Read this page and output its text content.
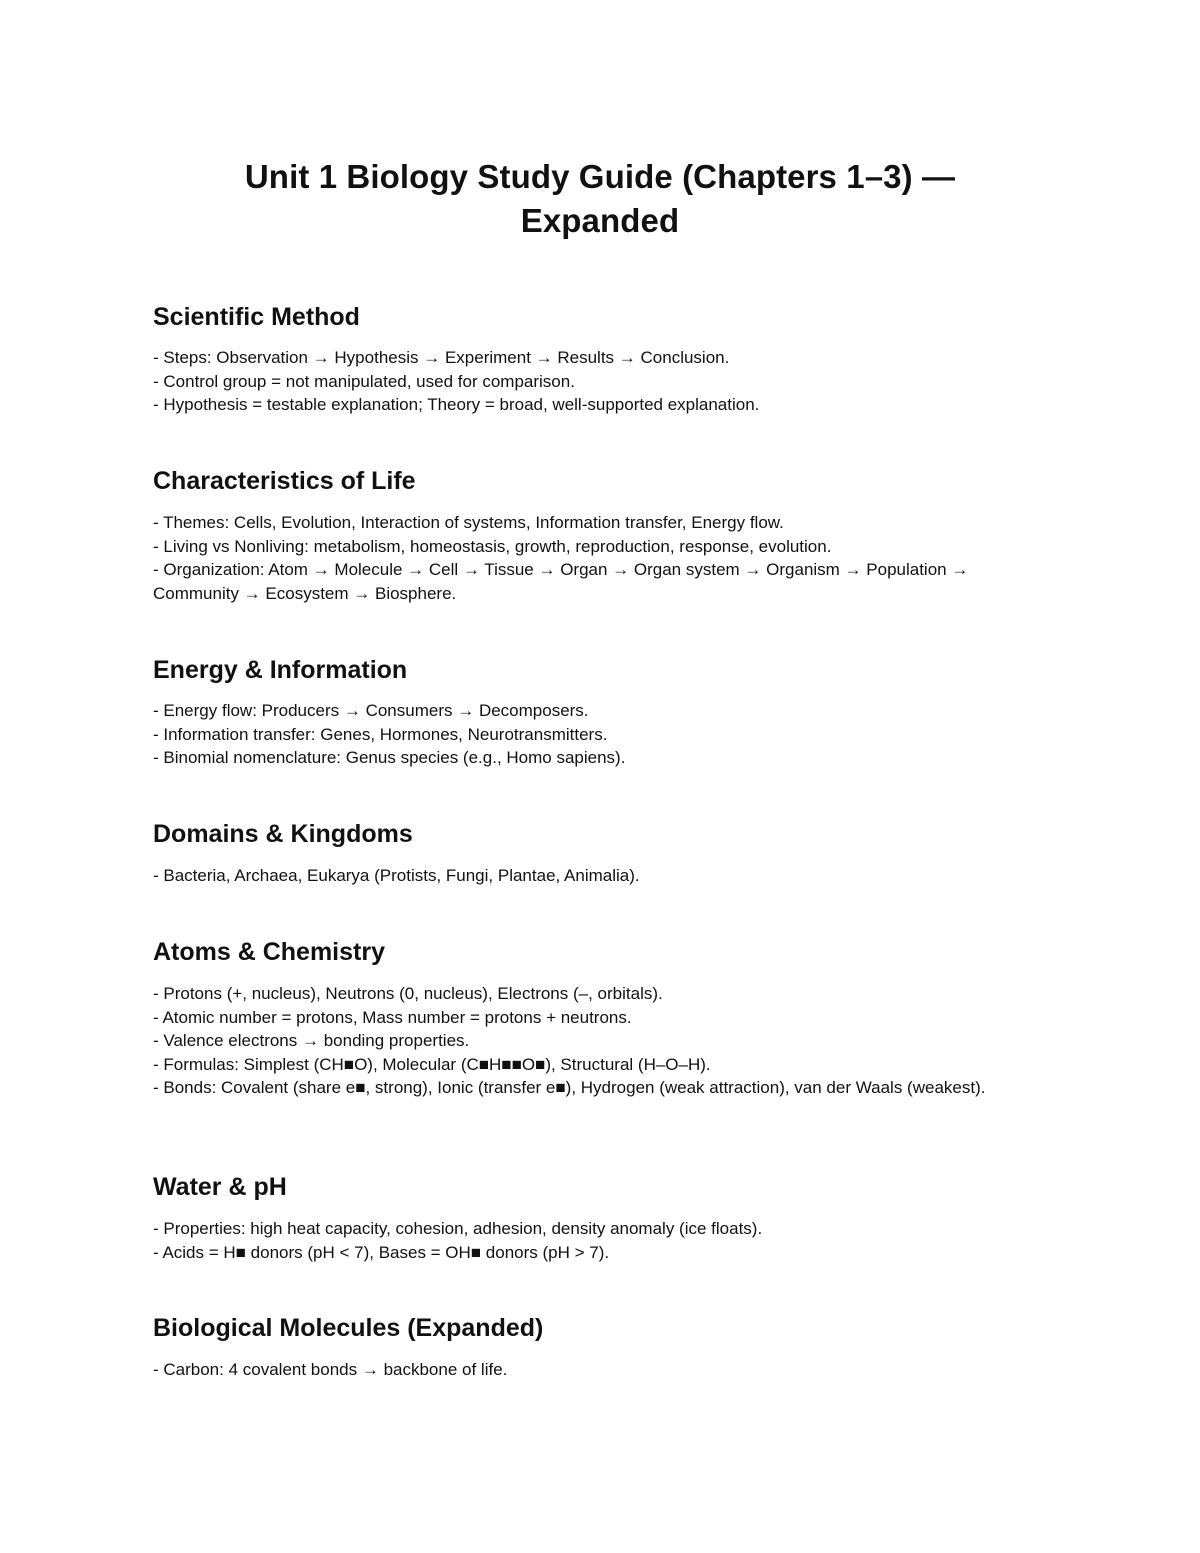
Unit 1 Biology Study Guide (Chapters 1–3) —
Expanded
Scientific Method
- Steps: Observation → Hypothesis → Experiment → Results → Conclusion.
- Control group = not manipulated, used for comparison.
- Hypothesis = testable explanation; Theory = broad, well-supported explanation.
Characteristics of Life
- Themes: Cells, Evolution, Interaction of systems, Information transfer, Energy flow.
- Living vs Nonliving: metabolism, homeostasis, growth, reproduction, response, evolution.
- Organization: Atom → Molecule → Cell → Tissue → Organ → Organ system → Organism → Population → Community → Ecosystem → Biosphere.
Energy & Information
- Energy flow: Producers → Consumers → Decomposers.
- Information transfer: Genes, Hormones, Neurotransmitters.
- Binomial nomenclature: Genus species (e.g., Homo sapiens).
Domains & Kingdoms
- Bacteria, Archaea, Eukarya (Protists, Fungi, Plantae, Animalia).
Atoms & Chemistry
- Protons (+, nucleus), Neutrons (0, nucleus), Electrons (–, orbitals).
- Atomic number = protons, Mass number = protons + neutrons.
- Valence electrons → bonding properties.
- Formulas: Simplest (CH■O), Molecular (C■H■■O■), Structural (H–O–H).
- Bonds: Covalent (share e■, strong), Ionic (transfer e■), Hydrogen (weak attraction), van der Waals (weakest).
Water & pH
- Properties: high heat capacity, cohesion, adhesion, density anomaly (ice floats).
- Acids = H■ donors (pH < 7), Bases = OH■ donors (pH > 7).
Biological Molecules (Expanded)
- Carbon: 4 covalent bonds → backbone of life.
